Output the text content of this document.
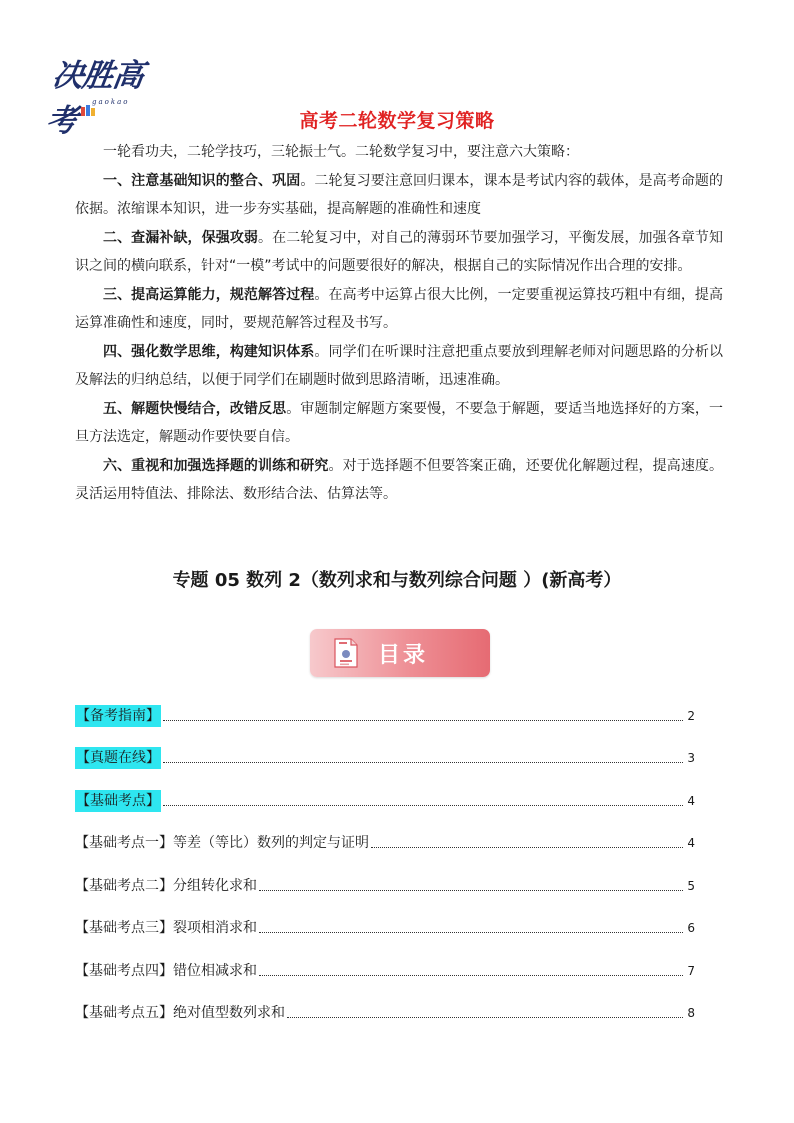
决胜高考
gaokao
高考二轮数学复习策略

一轮看功夫，二轮学技巧，三轮振士气。二轮数学复习中，要注意六大策略：

一、注意基础知识的整合、巩固。二轮复习要注意回归课本，课本是考试内容的载体，是高考命题的依据。浓缩课本知识，进一步夯实基础，提高解题的准确性和速度

二、查漏补缺，保强攻弱。在二轮复习中，对自己的薄弱环节要加强学习，平衡发展，加强各章节知识之间的横向联系，针对“一模”考试中的问题要很好的解决，根据自己的实际情况作出合理的安排。

三、提高运算能力，规范解答过程。在高考中运算占很大比例，一定要重视运算技巧粗中有细，提高运算准确性和速度，同时，要规范解答过程及书写。

四、强化数学思维，构建知识体系。同学们在听课时注意把重点要放到理解老师对问题思路的分析以及解法的归纳总结，以便于同学们在刷题时做到思路清晰，迅速准确。

五、解题快慢结合，改错反思。审题制定解题方案要慢，不要急于解题，要适当地选择好的方案，一旦方法选定，解题动作要快要自信。

六、重视和加强选择题的训练和研究。对于选择题不但要答案正确，还要优化解题过程，提高速度。灵活运用特值法、排除法、数形结合法、估算法等。

专题 05 数列 2（数列求和与数列综合问题 ）(新高考）
目录
【备考指南】	2
【真题在线】	3
【基础考点】	4
【基础考点一】等差（等比）数列的判定与证明	4
【基础考点二】分组转化求和	5
【基础考点三】裂项相消求和	6
【基础考点四】错位相减求和	7
【基础考点五】绝对值型数列求和	8
